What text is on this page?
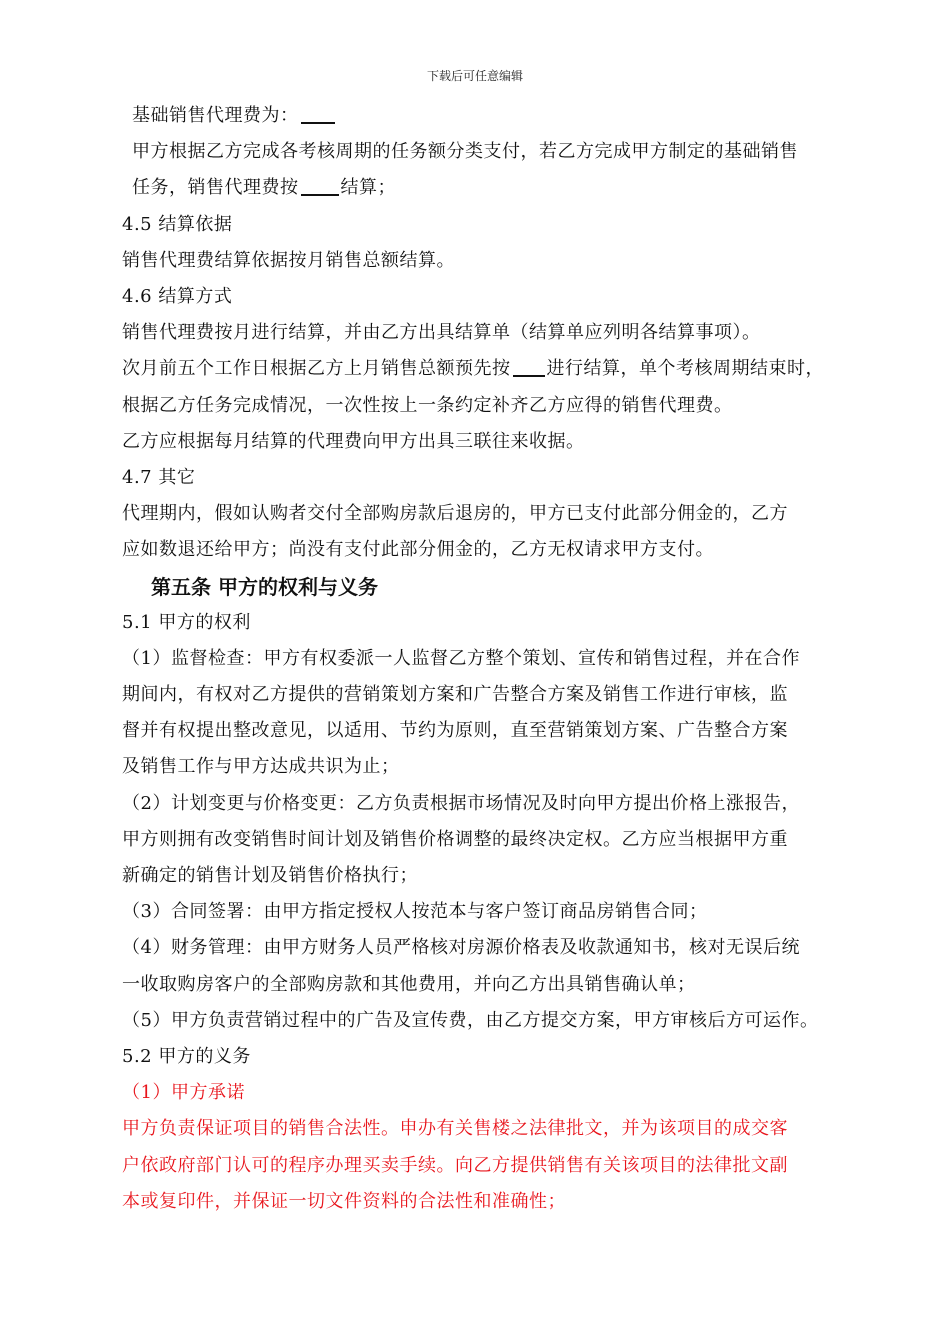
下载后可任意编辑
基础销售代理费为：
甲方根据乙方完成各考核周期的任务额分类支付，若乙方完成甲方制定的基础销售
任务，销售代理费按 结算；
4.5 结算依据
销售代理费结算依据按月销售总额结算。
4.6 结算方式
销售代理费按月进行结算，并由乙方出具结算单（结算单应列明各结算事项）。
次月前五个工作日根据乙方上月销售总额预先按 进行结算，单个考核周期结束时，
根据乙方任务完成情况，一次性按上一条约定补齐乙方应得的销售代理费。
乙方应根据每月结算的代理费向甲方出具三联往来收据。
4.7 其它
代理期内，假如认购者交付全部购房款后退房的，甲方已支付此部分佣金的，乙方
应如数退还给甲方；尚没有支付此部分佣金的，乙方无权请求甲方支付。
第五条 甲方的权利与义务
5.1 甲方的权利
（1）监督检查：甲方有权委派一人监督乙方整个策划、宣传和销售过程，并在合作
期间内，有权对乙方提供的营销策划方案和广告整合方案及销售工作进行审核，监
督并有权提出整改意见，以适用、节约为原则，直至营销策划方案、广告整合方案
及销售工作与甲方达成共识为止；
（2）计划变更与价格变更：乙方负责根据市场情况及时向甲方提出价格上涨报告，
甲方则拥有改变销售时间计划及销售价格调整的最终决定权。乙方应当根据甲方重
新确定的销售计划及销售价格执行；
（3）合同签署：由甲方指定授权人按范本与客户签订商品房销售合同；
（4）财务管理：由甲方财务人员严格核对房源价格表及收款通知书，核对无误后统
一收取购房客户的全部购房款和其他费用，并向乙方出具销售确认单；
（5）甲方负责营销过程中的广告及宣传费，由乙方提交方案，甲方审核后方可运作。
5.2 甲方的义务
（1）甲方承诺
甲方负责保证项目的销售合法性。申办有关售楼之法律批文，并为该项目的成交客
户依政府部门认可的程序办理买卖手续。向乙方提供销售有关该项目的法律批文副
本或复印件，并保证一切文件资料的合法性和准确性；
